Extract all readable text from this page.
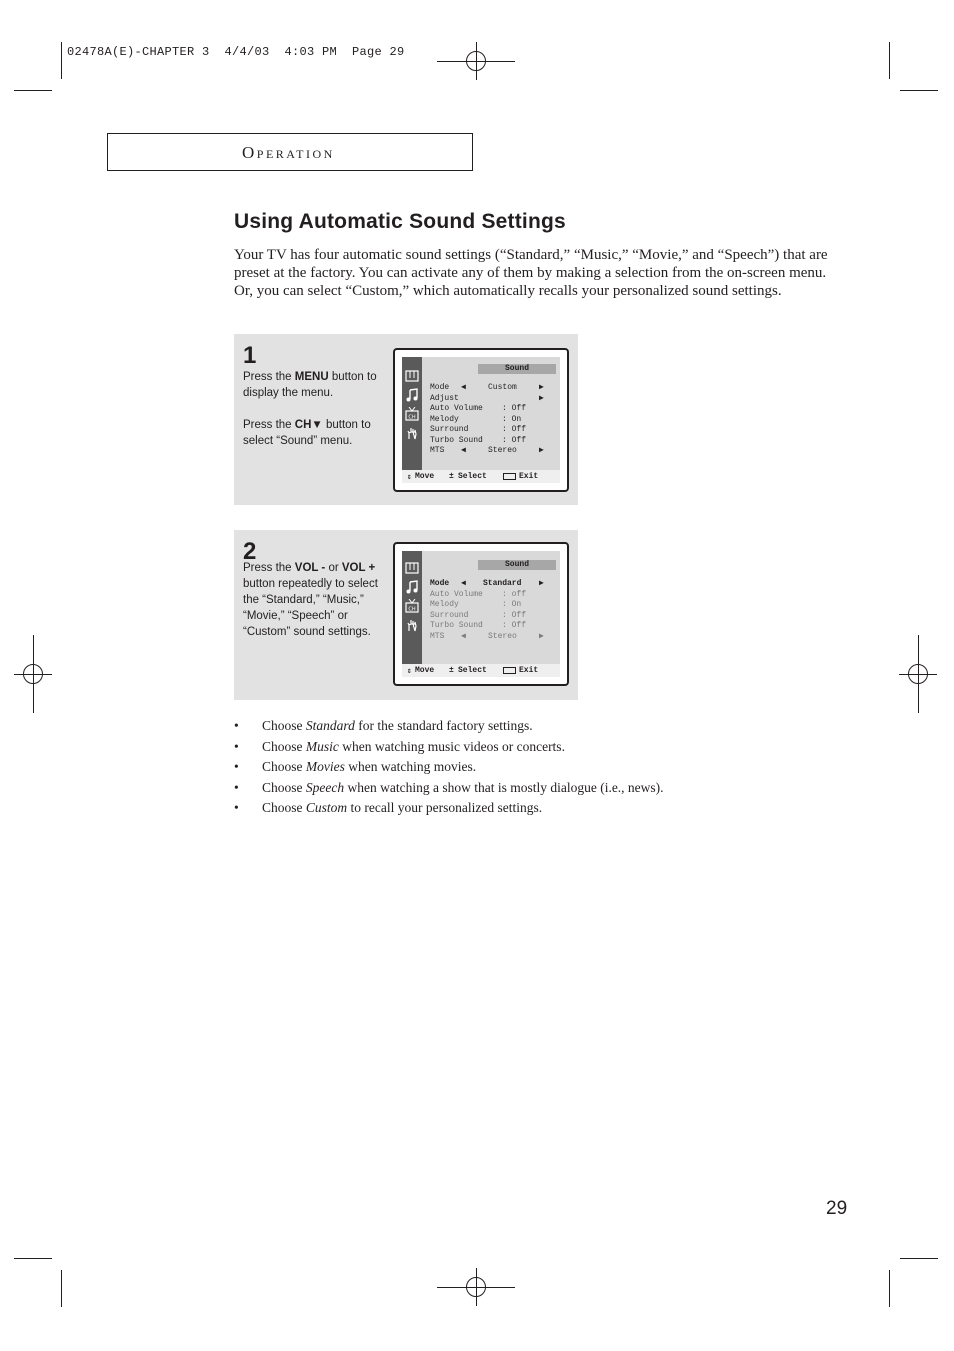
02478A(E)-CHAPTER 3  4/4/03  4:03 PM  Page 29
Operation
Using Automatic Sound Settings
Your TV has four automatic sound settings (“Standard,” “Music,” “Movie,” and “Speech”) that are preset at the factory. You can activate any of them by making a selection from the on-screen menu. Or, you can select “Custom,” which automatically recalls your personalized sound settings.
1

Press the MENU button to display the menu.

Press the CH▼ button to select “Sound” menu.

CH
Sound
Mode ◀	Custom	▶
Adjust	▶
Auto Volume : Off
Melody	: On
Surround	: Off
Turbo Sound : Off
MTS ◀	Stereo	▶
⇕ Move ± Select	Exit
2

Press the VOL - or VOL + button repeatedly to select the “Standard,” “Music,” “Movie,” “Speech” or “Custom” sound settings.

CH
Sound
Mode ◀ Standard ▶
Auto Volume : off
Melody	: On
Surround	: Off
Turbo Sound : Off
MTS ◀	Stereo	▶
⇕ Move ± Select	Exit
• Choose Standard for the standard factory settings.
• Choose Music when watching music videos or concerts.
• Choose Movies when watching movies.
• Choose Speech when watching a show that is mostly dialogue (i.e., news).
• Choose Custom to recall your personalized settings.
29
